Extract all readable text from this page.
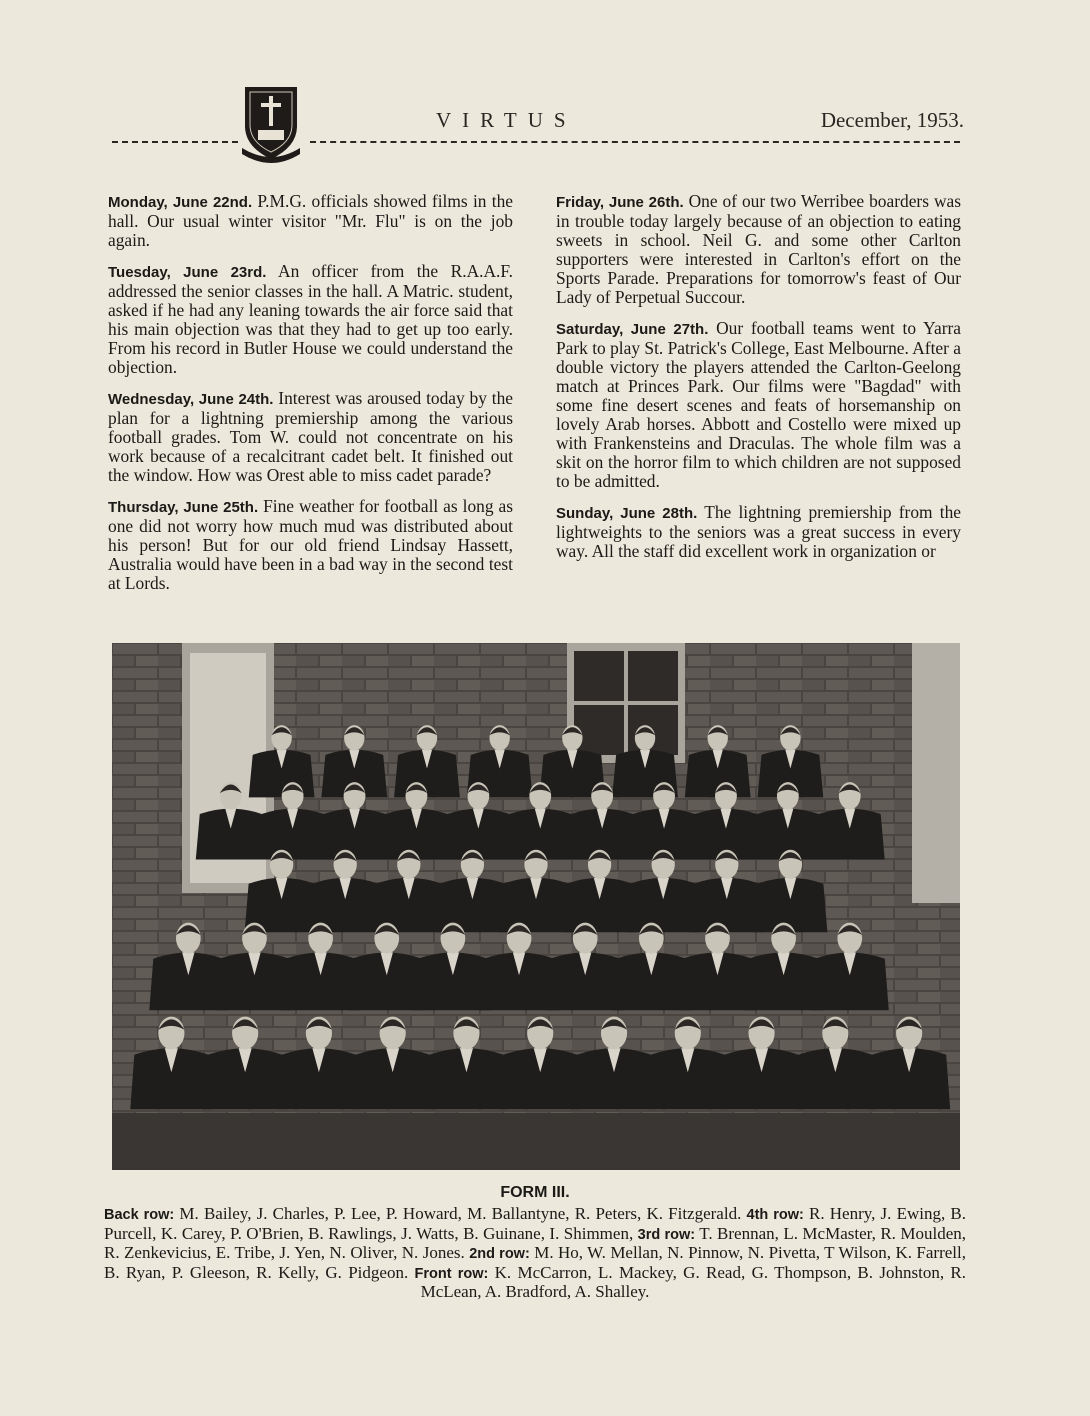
VIRTUS	December, 1953.

Monday, June 22nd. P.M.G. officials showed films in the hall. Our usual winter visitor "Mr. Flu" is on the job again.

Tuesday, June 23rd. An officer from the R.A.A.F. addressed the senior classes in the hall. A Matric. student, asked if he had any leaning towards the air force said that his main objection was that they had to get up too early. From his record in Butler House we could understand the objection.

Wednesday, June 24th. Interest was aroused today by the plan for a lightning premiership among the various football grades. Tom W. could not concentrate on his work because of a recalcitrant cadet belt. It finished out the window. How was Orest able to miss cadet parade?

Thursday, June 25th. Fine weather for football as long as one did not worry how much mud was distributed about his person! But for our old friend Lindsay Hassett, Australia would have been in a bad way in the second test at Lords.

Friday, June 26th. One of our two Werribee boarders was in trouble today largely because of an objection to eating sweets in school. Neil G. and some other Carlton supporters were interested in Carlton's effort on the Sports Parade. Preparations for tomorrow's feast of Our Lady of Perpetual Succour.

Saturday, June 27th. Our football teams went to Yarra Park to play St. Patrick's College, East Melbourne. After a double victory the players attended the Carlton-Geelong match at Princes Park. Our films were "Bagdad" with some fine desert scenes and feats of horsemanship on lovely Arab horses. Abbott and Costello were mixed up with Frankensteins and Draculas. The whole film was a skit on the horror film to which children are not supposed to be admitted.

Sunday, June 28th. The lightning premiership from the lightweights to the seniors was a great success in every way. All the staff did excellent work in organization or

FORM III.
Back row: M. Bailey, J. Charles, P. Lee, P. Howard, M. Ballantyne, R. Peters, K. Fitzgerald. 4th row: R. Henry, J. Ewing, B. Purcell, K. Carey, P. O'Brien, B. Rawlings, J. Watts, B. Guinane, I. Shimmen, 3rd row: T. Brennan, L. McMaster, R. Moulden, R. Zenkevicius, E. Tribe, J. Yen, N. Oliver, N. Jones. 2nd row: M. Ho, W. Mellan, N. Pinnow, N. Pivetta, T Wilson, K. Farrell, B. Ryan, P. Gleeson, R. Kelly, G. Pidgeon. Front row: K. McCarron, L. Mackey, G. Read, G. Thompson, B. Johnston, R. McLean, A. Bradford, A. Shalley.
